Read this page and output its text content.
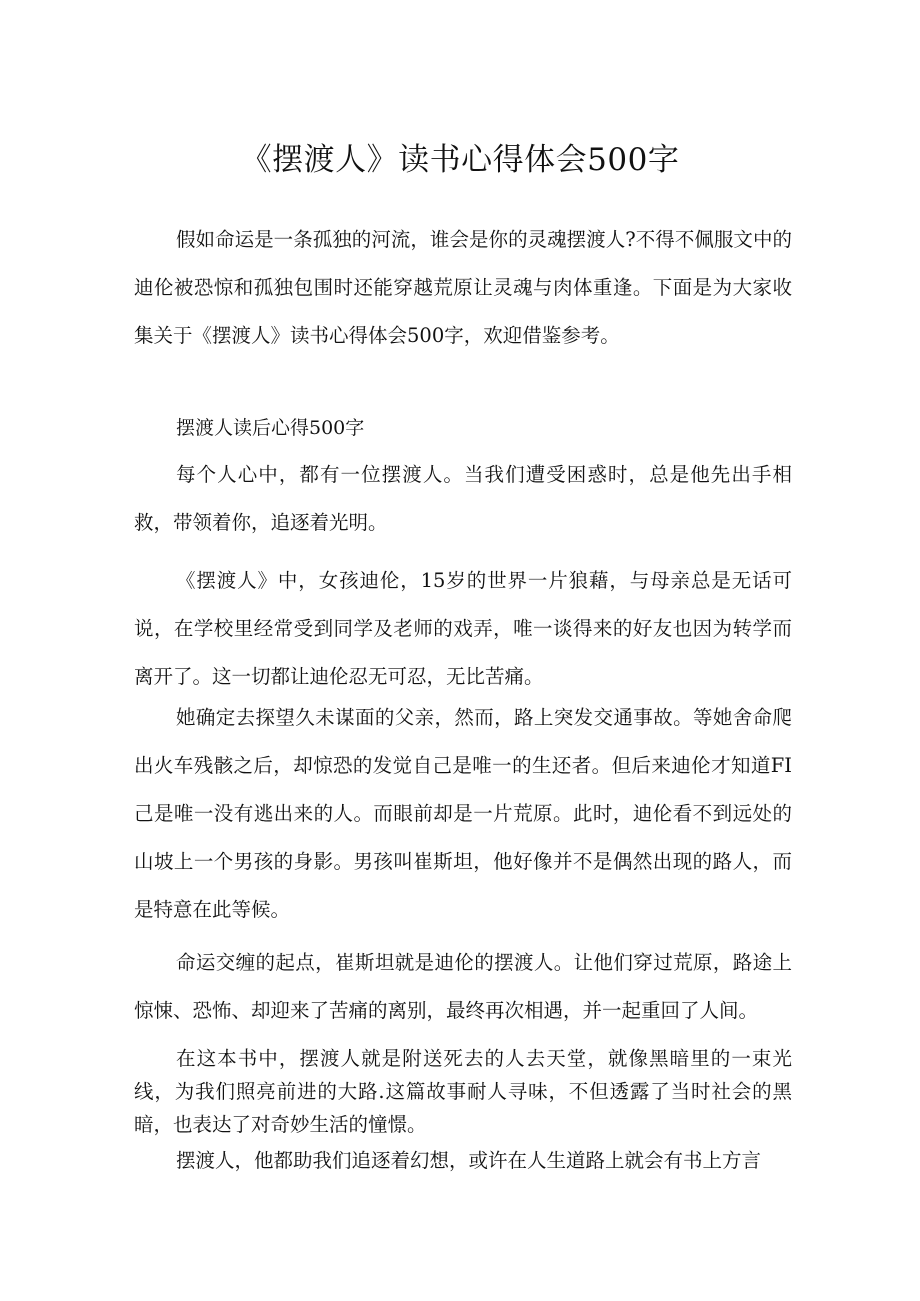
《摆渡人》读书心得体会500字

假如命运是一条孤独的河流，谁会是你的灵魂摆渡人?不得不佩服文中的迪伦被恐惊和孤独包围时还能穿越荒原让灵魂与肉体重逢。下面是为大家收集关于《摆渡人》读书心得体会500字，欢迎借鉴参考。

摆渡人读后心得500字

每个人心中，都有一位摆渡人。当我们遭受困惑时，总是他先出手相救，带领着你，追逐着光明。

《摆渡人》中，女孩迪伦，15岁的世界一片狼藉，与母亲总是无话可说，在学校里经常受到同学及老师的戏弄，唯一谈得来的好友也因为转学而离开了。这一切都让迪伦忍无可忍，无比苦痛。

她确定去探望久未谋面的父亲，然而，路上突发交通事故。等她舍命爬出火车残骸之后，却惊恐的发觉自己是唯一的生还者。但后来迪伦才知道FI己是唯一没有逃出来的人。而眼前却是一片荒原。此时，迪伦看不到远处的山坡上一个男孩的身影。男孩叫崔斯坦，他好像并不是偶然出现的路人，而是特意在此等候。

命运交缠的起点，崔斯坦就是迪伦的摆渡人。让他们穿过荒原，路途上惊悚、恐怖、却迎来了苦痛的离别，最终再次相遇，并一起重回了人间。

在这本书中，摆渡人就是附送死去的人去天堂，就像黑暗里的一束光线，为我们照亮前进的大路.这篇故事耐人寻味，不但透露了当时社会的黑暗，也表达了对奇妙生活的憧憬。

摆渡人，他都助我们追逐着幻想，或许在人生道路上就会有书上方言
